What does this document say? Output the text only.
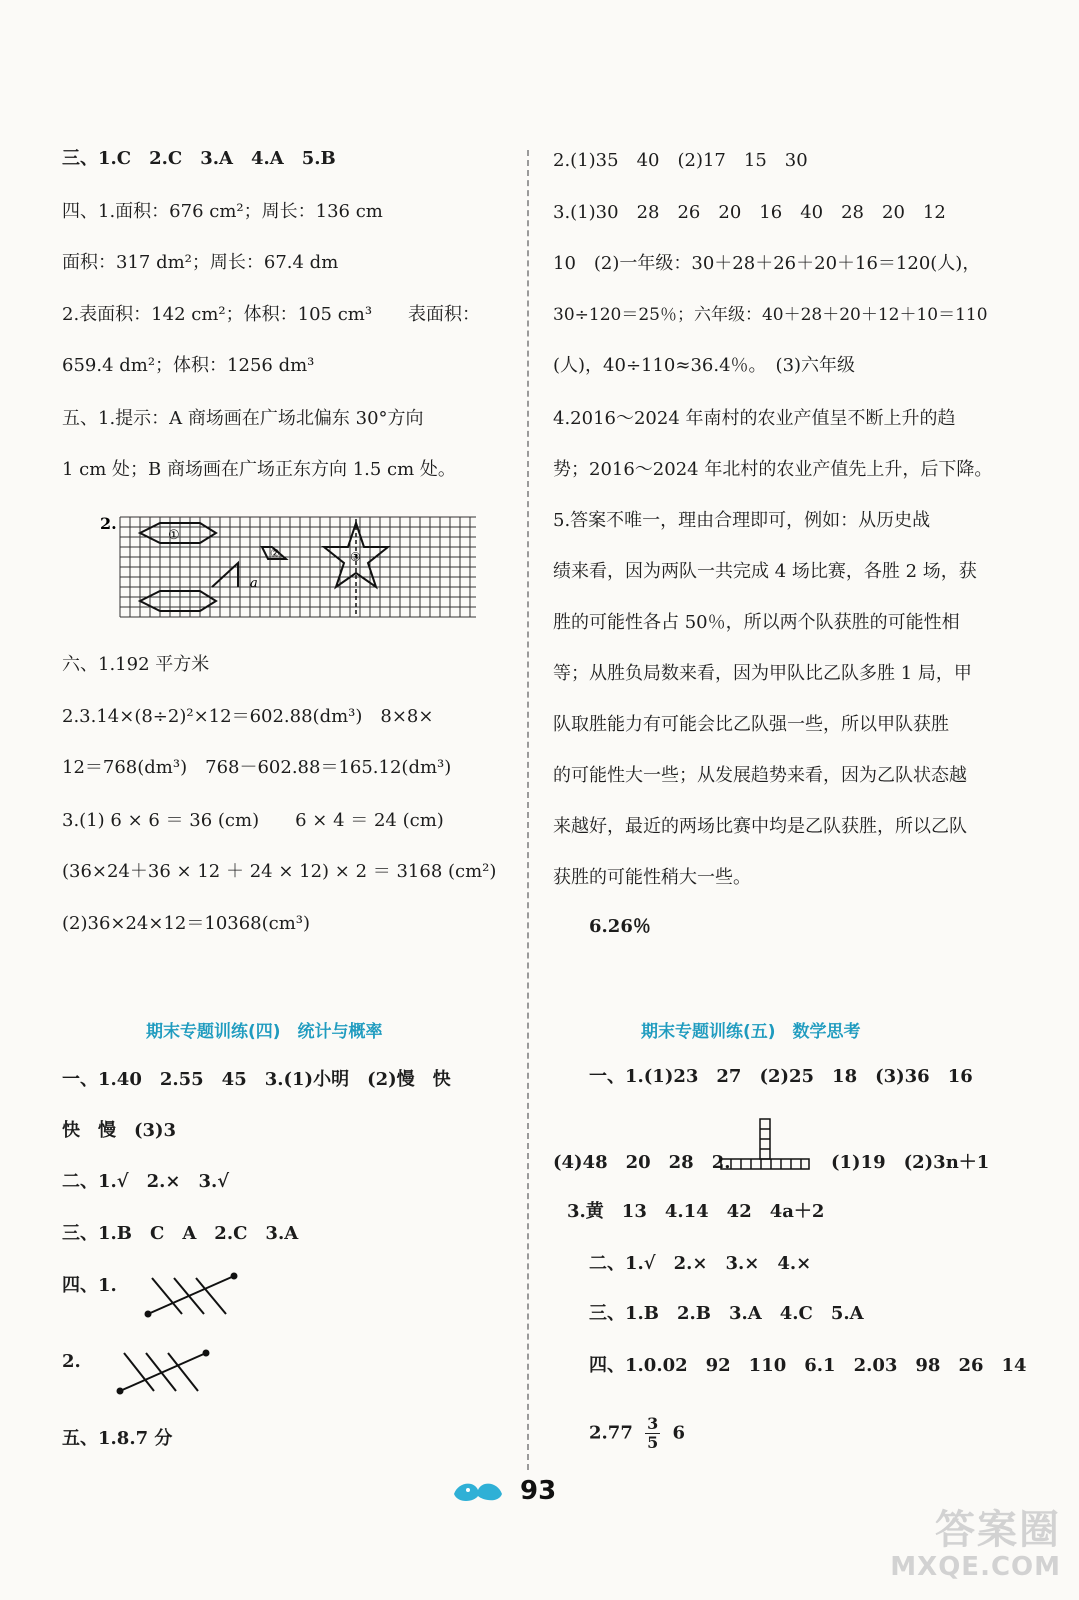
三、1.C　2.C　3.A　4.A　5.B
四、1.面积：676 cm²；周长：136 cm
面积：317 dm²；周长：67.4 dm
2.表面积：142 cm²；体积：105 cm³　　表面积：
659.4 dm²；体积：1256 dm³
五、1.提示：A 商场画在广场北偏东 30°方向
1 cm 处；B 商场画在广场正东方向 1.5 cm 处。
2.
①
②
a
③
六、1.192 平方米
2.3.14×(8÷2)²×12＝602.88(dm³)　8×8×
12＝768(dm³)　768－602.88＝165.12(dm³)
3.(1) 6 × 6 ＝ 36 (cm)　　6 × 4 ＝ 24 (cm)
(36×24＋36 × 12 ＋ 24 × 12) × 2 ＝ 3168 (cm²)
(2)36×24×12＝10368(cm³)
期末专题训练(四)　统计与概率
一、1.40　2.55　45　3.(1)小明　(2)慢　快
快　慢　(3)3
二、1.√　2.×　3.√
三、1.B　C　A　2.C　3.A
四、1.
2.
五、1.8.7 分
2.(1)35　40　(2)17　15　30
3.(1)30　28　26　20　16　40　28　20　12
10　(2)一年级：30＋28＋26＋20＋16＝120(人)，
30÷120＝25％；六年级：40＋28＋20＋12＋10＝110
(人)，40÷110≈36.4％。　(3)六年级
4.2016～2024 年南村的农业产值呈不断上升的趋
势；2016～2024 年北村的农业产值先上升，后下降。
5.答案不唯一，理由合理即可，例如：从历史战
绩来看，因为两队一共完成 4 场比赛，各胜 2 场，获
胜的可能性各占 50％，所以两个队获胜的可能性相
等；从胜负局数来看，因为甲队比乙队多胜 1 局，甲
队取胜能力有可能会比乙队强一些，所以甲队获胜
的可能性大一些；从发展趋势来看，因为乙队状态越
来越好，最近的两场比赛中均是乙队获胜，所以乙队
获胜的可能性稍大一些。
6.26％
期末专题训练(五)　数学思考
一、1.(1)23　27　(2)25　18　(3)36　16
(4)48　20　28　2.	(1)19　(2)3n＋1
3.黄　13　4.14　42　4a＋2
二、1.√　2.×　3.×　4.×
三、1.B　2.B　3.A　4.C　5.A
四、1.0.02　92　110　6.1　2.03　98　26　14
$2.77 \frac{3}{5} 6$
93
答案圈
MXQE.COM
